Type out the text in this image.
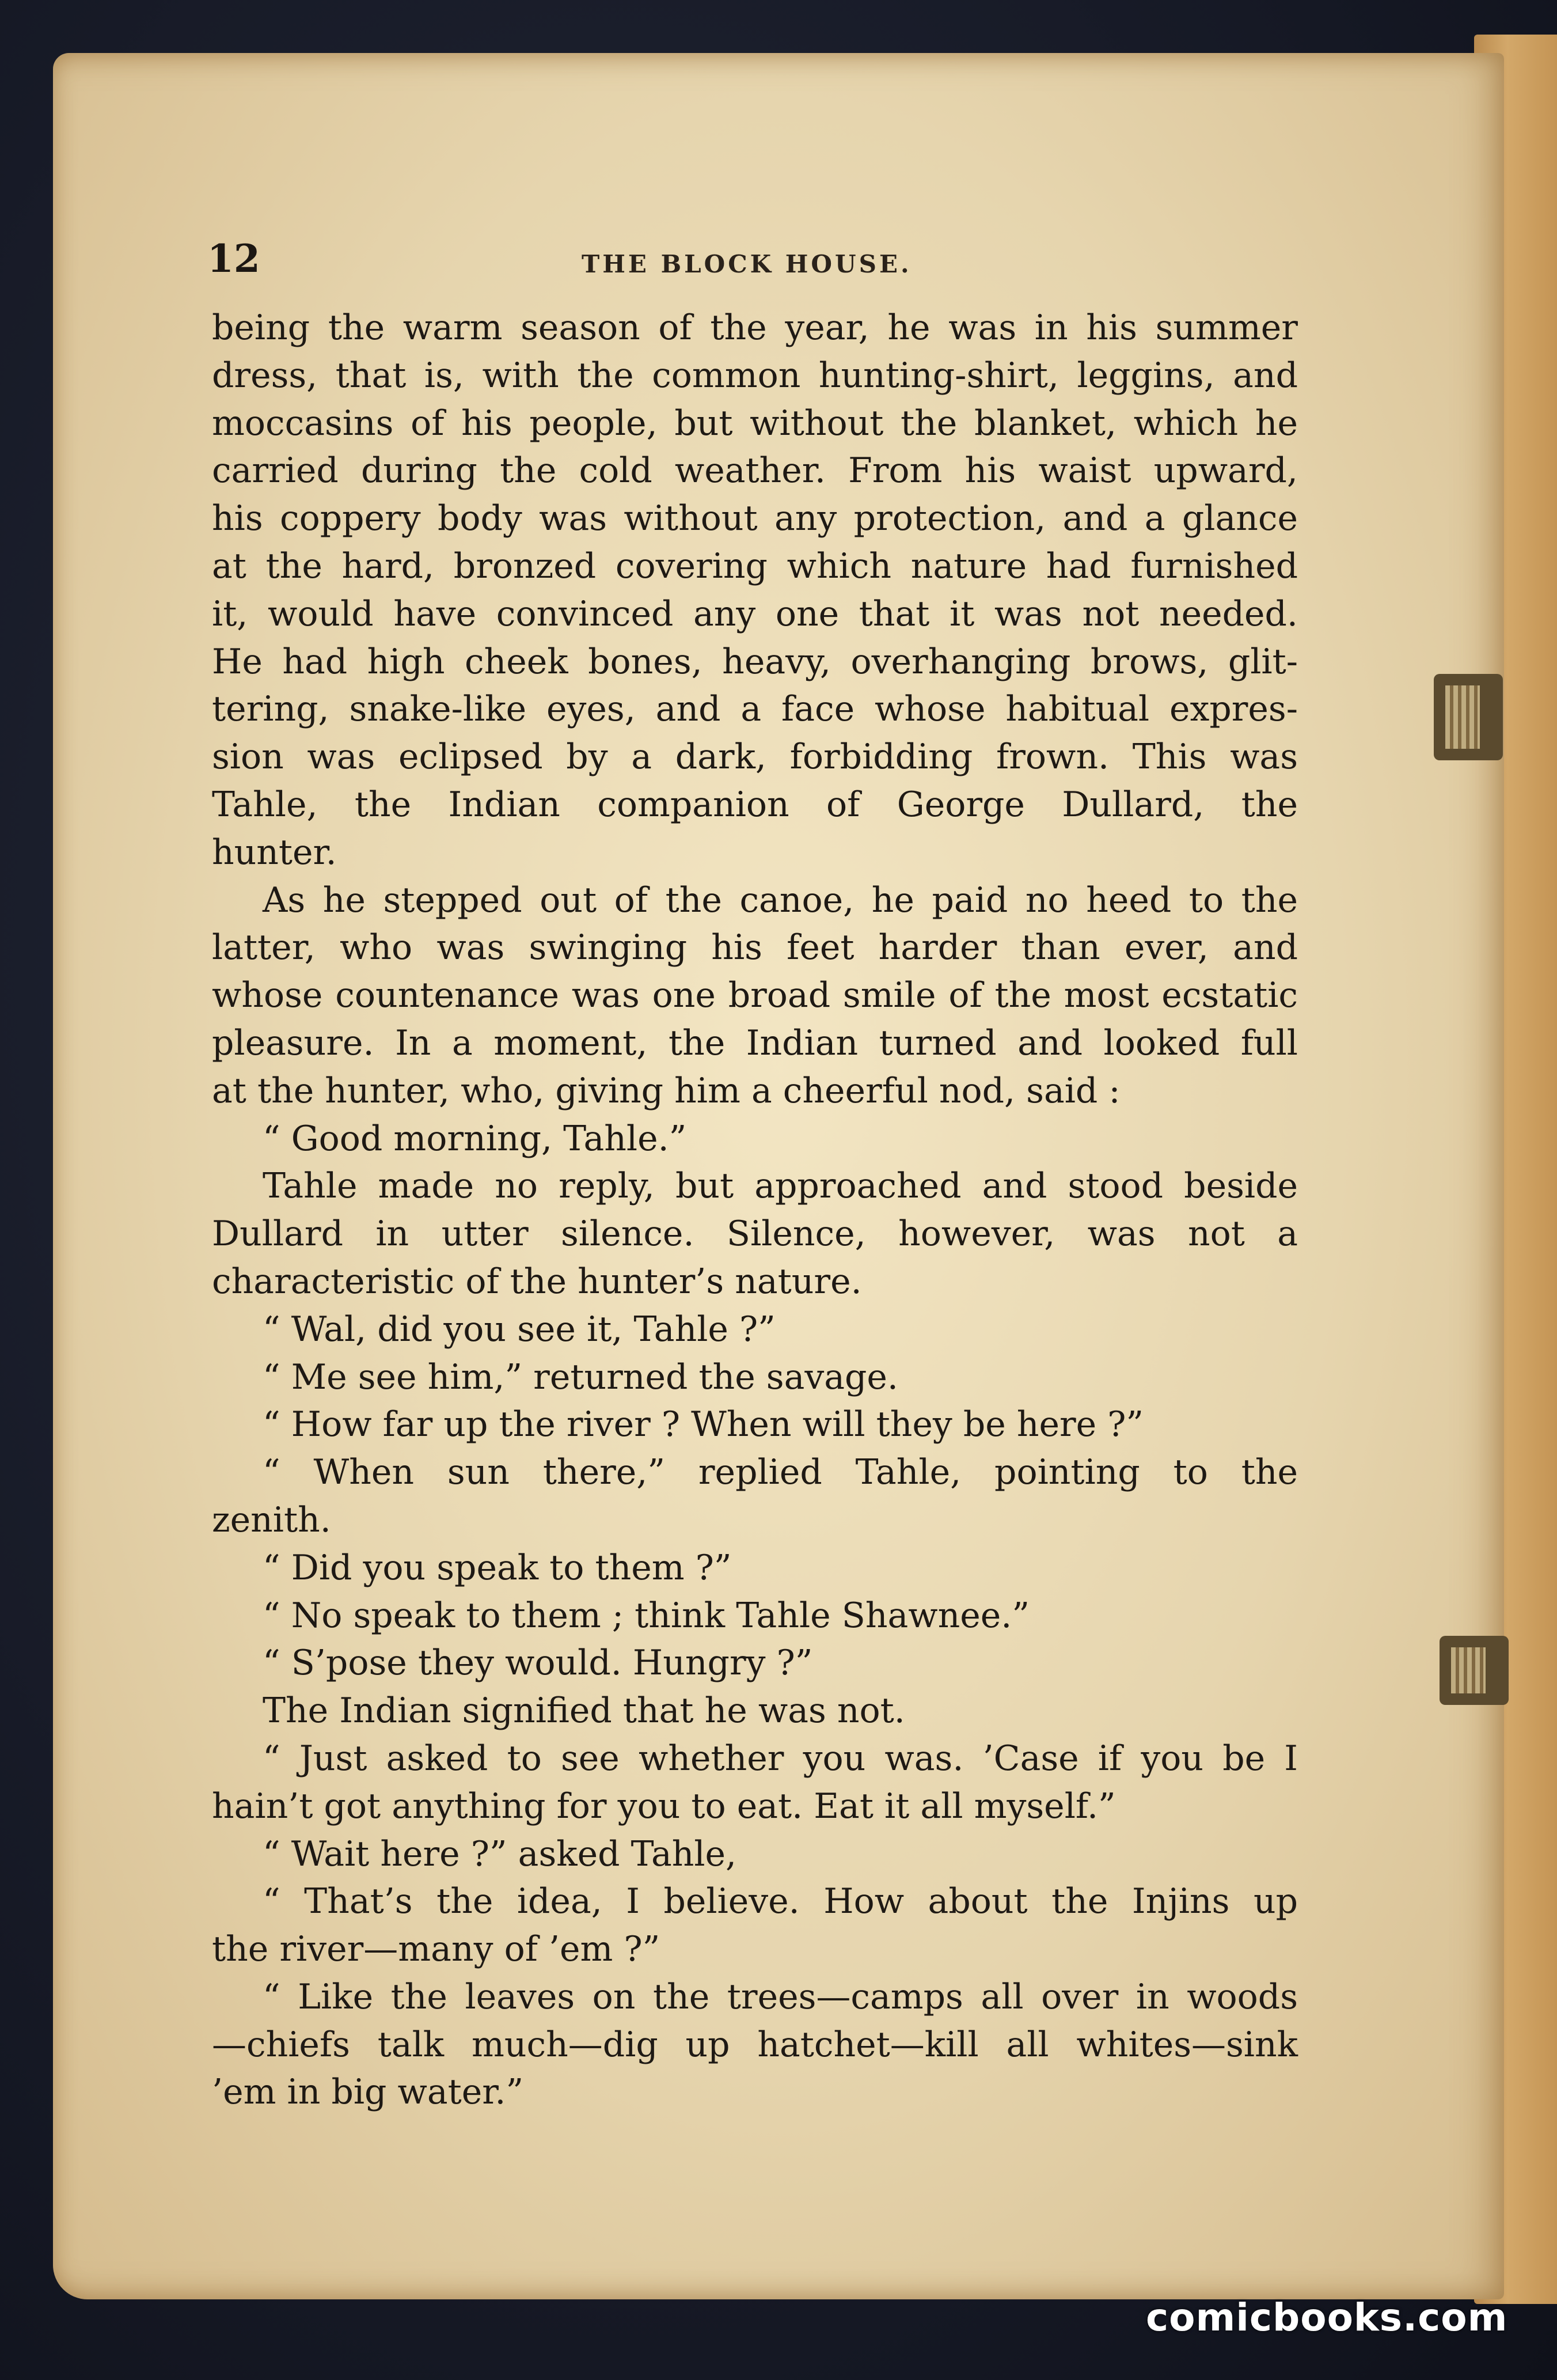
12	THE BLOCK HOUSE.
being the warm season of the year, he was in his summer
dress, that is, with the common hunting-shirt, leggins, and
moccasins of his people, but without the blanket, which he
carried during the cold weather. From his waist upward,
his coppery body was without any protection, and a glance
at the hard, bronzed covering which nature had furnished
it, would have convinced any one that it was not needed.
He had high cheek bones, heavy, overhanging brows, glit-
tering, snake-like eyes, and a face whose habitual expres-
sion was eclipsed by a dark, forbidding frown. This was
Tahle, the Indian companion of George Dullard, the
hunter.
As he stepped out of the canoe, he paid no heed to the
latter, who was swinging his feet harder than ever, and
whose countenance was one broad smile of the most ecstatic
pleasure. In a moment, the Indian turned and looked full
at the hunter, who, giving him a cheerful nod, said :
“ Good morning, Tahle.”
Tahle made no reply, but approached and stood beside
Dullard in utter silence. Silence, however, was not a
characteristic of the hunter’s nature.
“ Wal, did you see it, Tahle ?”
“ Me see him,” returned the savage.
“ How far up the river ? When will they be here ?”
“ When sun there,” replied Tahle, pointing to the
zenith.
“ Did you speak to them ?”
“ No speak to them ; think Tahle Shawnee.”
“ S’pose they would. Hungry ?”
The Indian signified that he was not.
“ Just asked to see whether you was. ’Case if you be I
hain’t got anything for you to eat. Eat it all myself.”
“ Wait here ?” asked Tahle,
“ That’s the idea, I believe. How about the Injins up
the river—many of ’em ?”
“ Like the leaves on the trees—camps all over in woods
—chiefs talk much—dig up hatchet—kill all whites—sink
’em in big water.”
comicbooks.com
